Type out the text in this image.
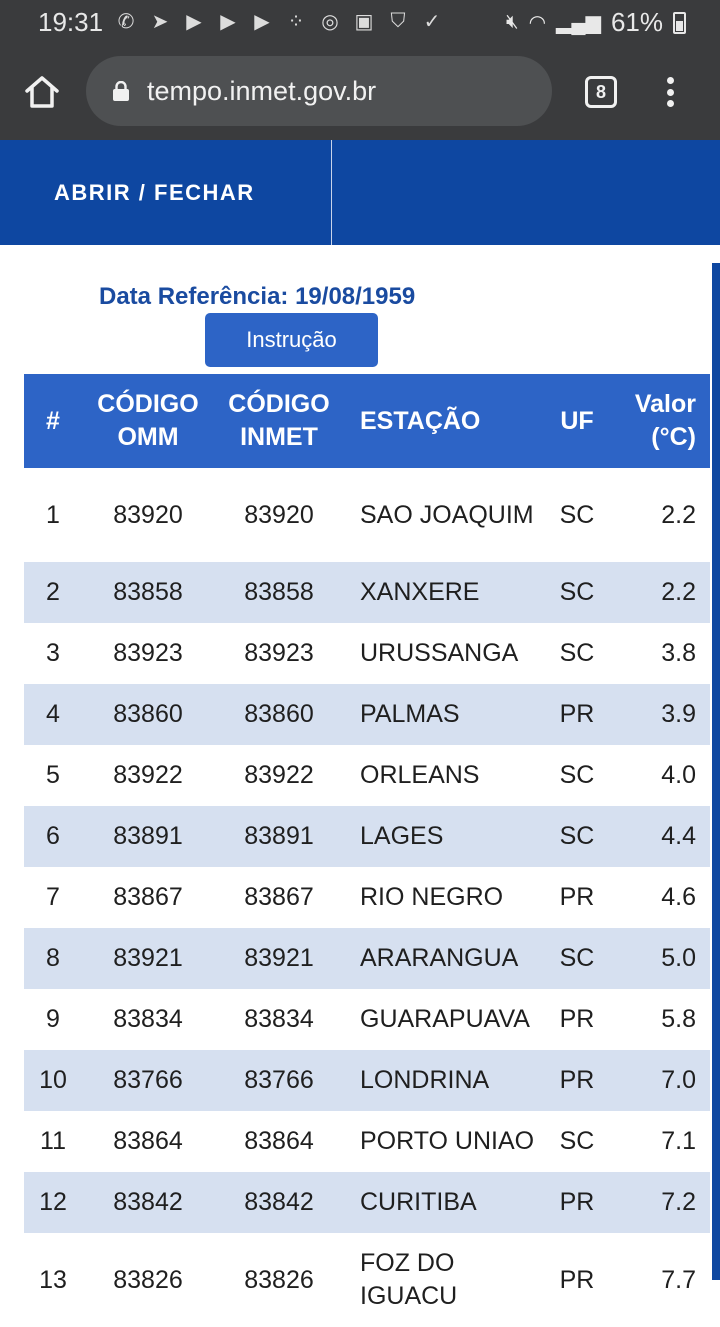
19:31 ✆ ➤ ▶ ▶ ▶ ⁘ ◎ ▣ ⛉ ✓	🔇︎ ◠ ▂▄▆ 61%
tempo.inmet.gov.br	8
ABRIR / FECHAR
Data Referência: 19/08/1959
Instrução
#	CÓDIGO OMM	CÓDIGO INMET	ESTAÇÃO	UF	Valor (°C)
1	83920	83920	SAO JOAQUIM	SC	2.2
2	83858	83858	XANXERE	SC	2.2
3	83923	83923	URUSSANGA	SC	3.8
4	83860	83860	PALMAS	PR	3.9
5	83922	83922	ORLEANS	SC	4.0
6	83891	83891	LAGES	SC	4.4
7	83867	83867	RIO NEGRO	PR	4.6
8	83921	83921	ARARANGUA	SC	5.0
9	83834	83834	GUARAPUAVA	PR	5.8
10	83766	83766	LONDRINA	PR	7.0
11	83864	83864	PORTO UNIAO	SC	7.1
12	83842	83842	CURITIBA	PR	7.2
13	83826	83826	FOZ DO IGUACU	PR	7.7
